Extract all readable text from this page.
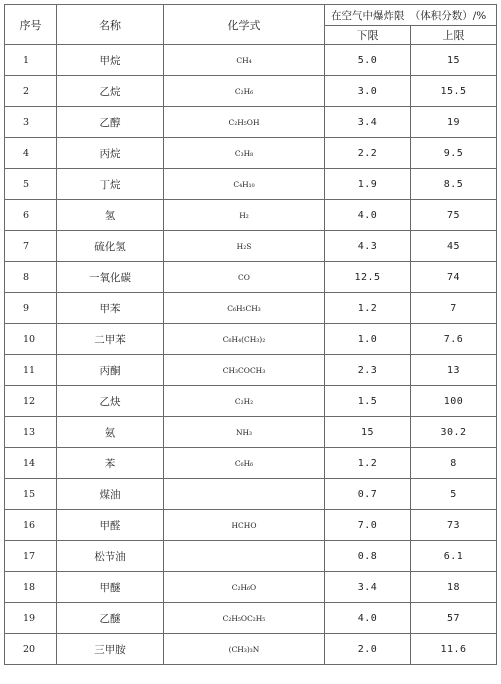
序号	名称	化学式	在空气中爆炸限　（体积分数）/%	
			下限	上限
1	甲烷	CH₄	5.0	15
2	乙烷	C₂H₆	3.0	15.5
3	乙醇	C₂H₅OH	3.4	19
4	丙烷	C₃H₈	2.2	9.5
5	丁烷	C₄H₁₀	1.9	8.5
6	氢	H₂	4.0	75
7	硫化氢	H₂S	4.3	45
8	一氧化碳	CO	12.5	74
9	甲苯	C₆H₅CH₃	1.2	7
10	二甲苯	C₆H₄(CH₃)₂	1.0	7.6
11	丙酮	CH₃COCH₃	2.3	13
12	乙炔	C₂H₂	1.5	100
13	氨	NH₃	15	30.2
14	苯	C₆H₆	1.2	8
15	煤油		0.7	5
16	甲醛	HCHO	7.0	73
17	松节油		0.8	6.1
18	甲醚	C₂H₆O	3.4	18
19	乙醚	C₂H₅OC₂H₅	4.0	57
20	三甲胺	(CH₃)₃N	2.0	11.6
